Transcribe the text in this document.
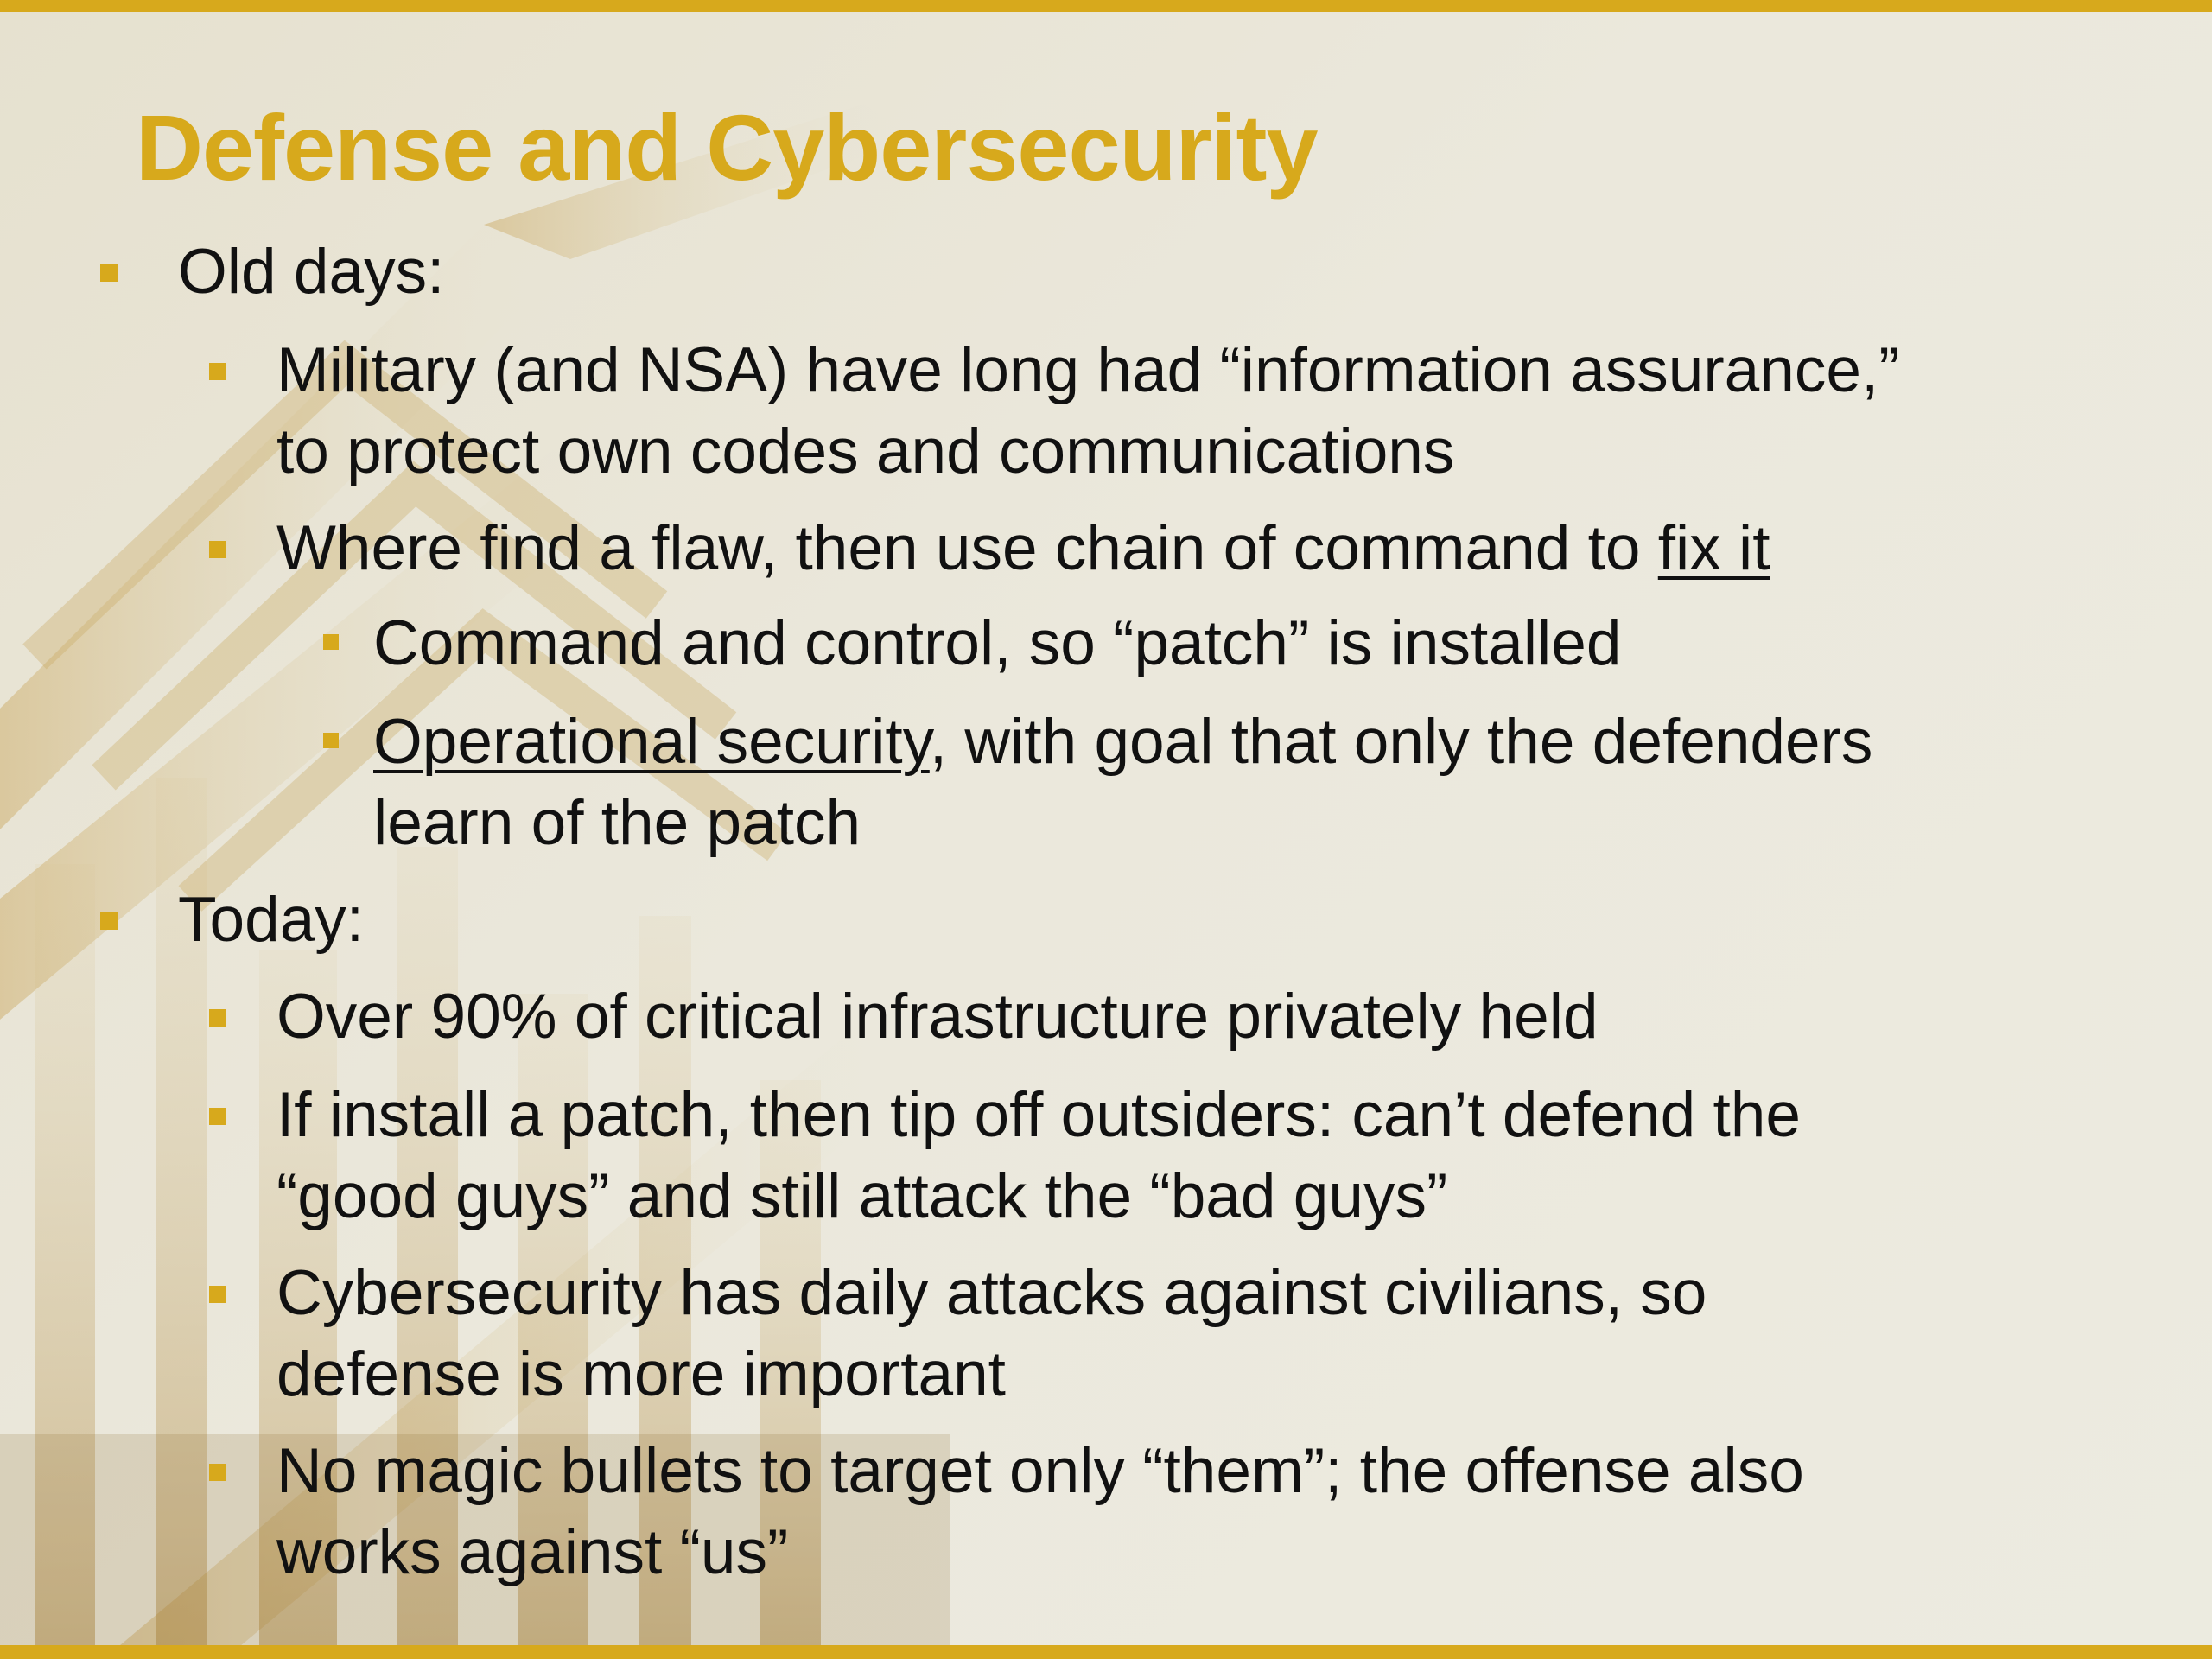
Defense and Cybersecurity
Old days:
Military (and NSA) have long had “information assurance,”
to protect own codes and communications
Where find a flaw, then use chain of command to fix it
Command and control, so “patch” is installed
Operational security, with goal that only the defenders
learn of the patch
Today:
Over 90% of critical infrastructure privately held
If install a patch, then tip off outsiders: can’t defend the
“good guys” and still attack the “bad guys”
Cybersecurity has daily attacks against civilians, so
defense is more important
No magic bullets to target only “them”; the offense also
works against “us”
